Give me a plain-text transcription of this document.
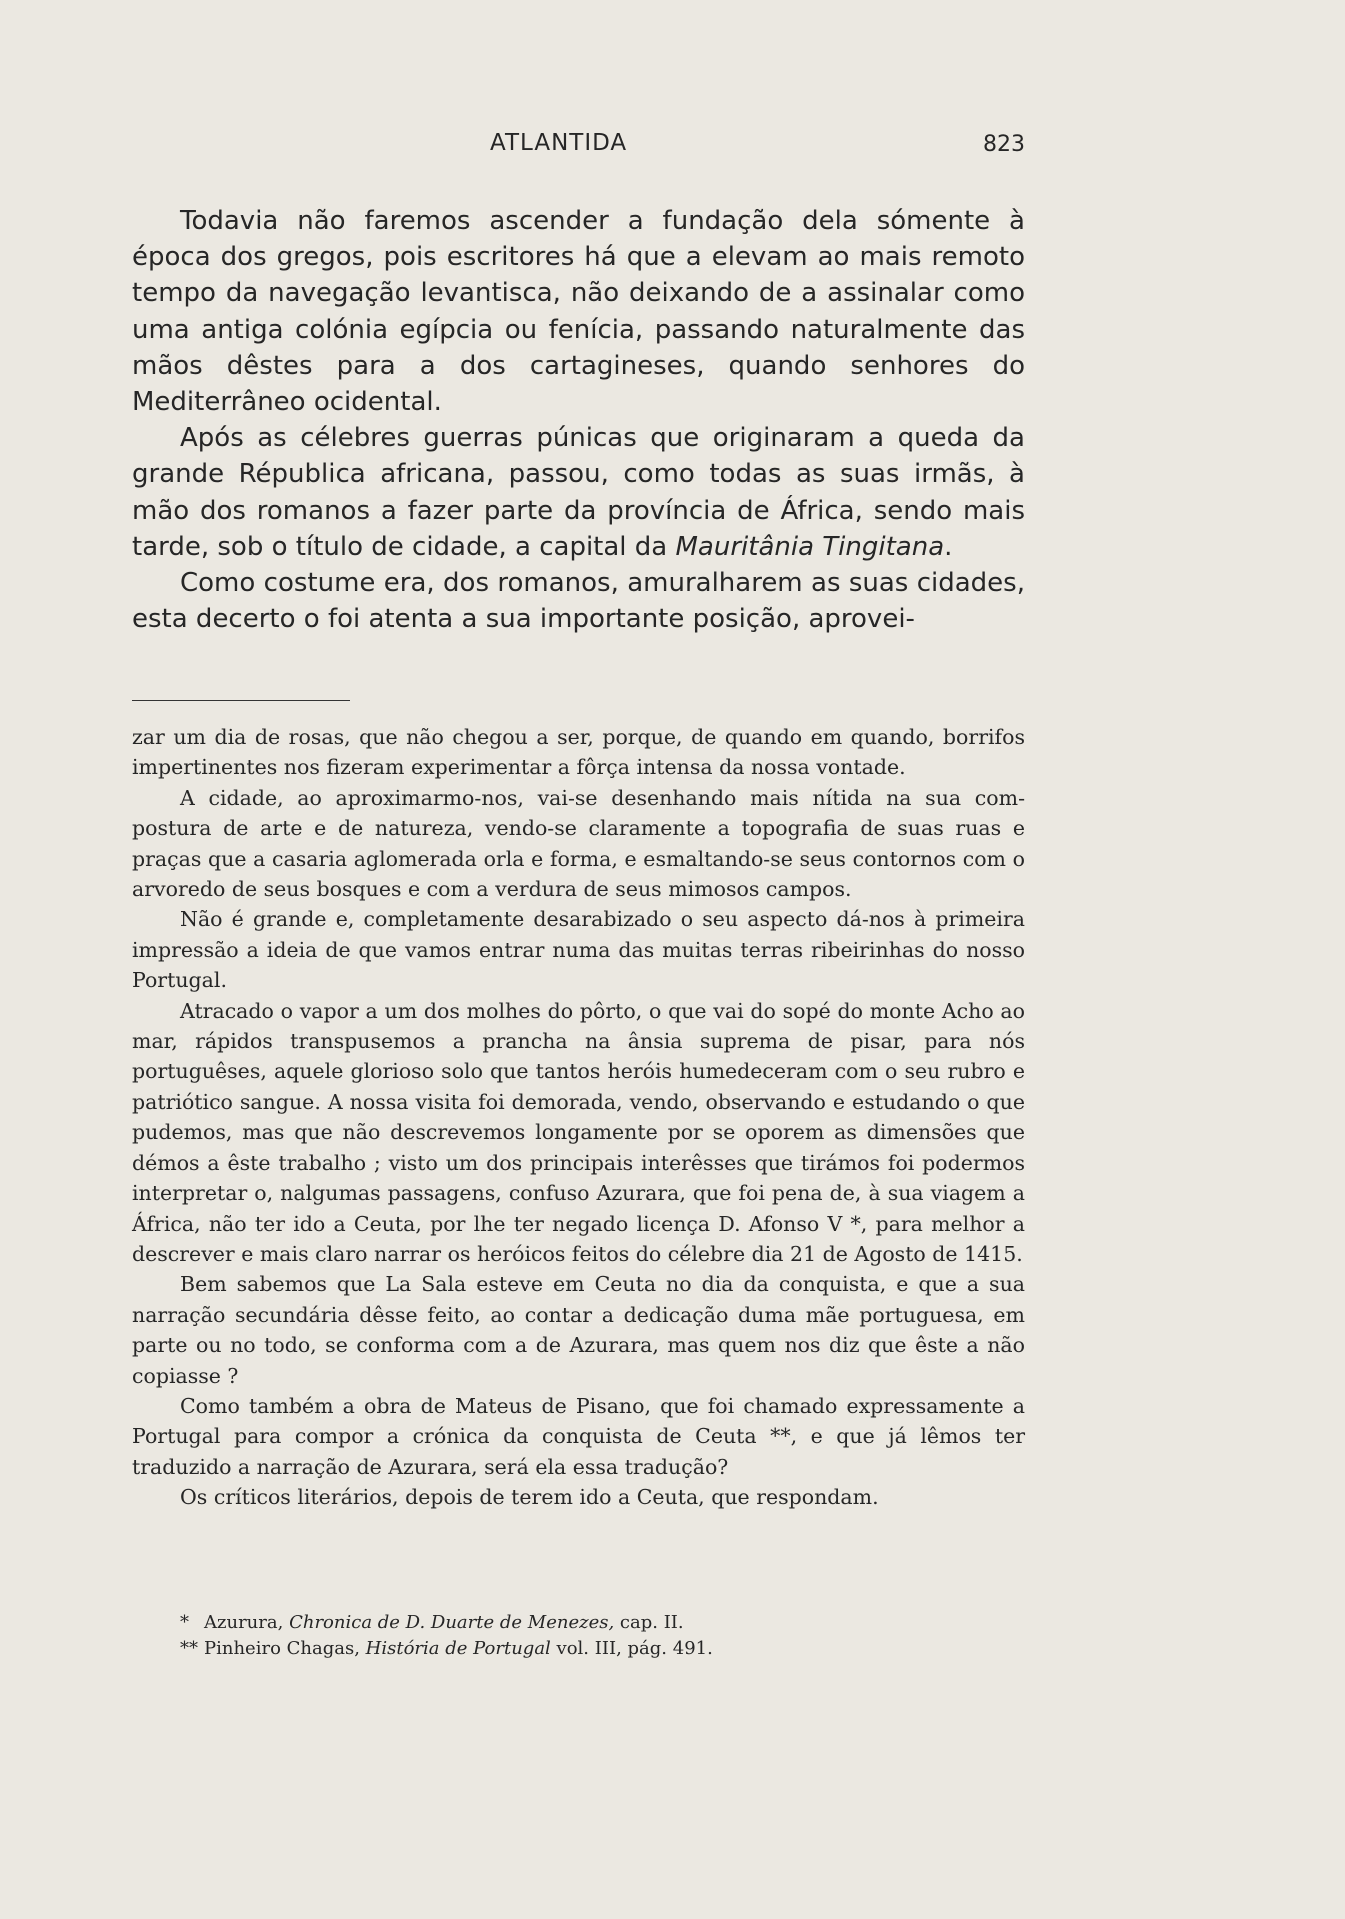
ATLANTIDA	823

Todavia não faremos ascender a fundação dela sómente à época dos gregos, pois escritores há que a elevam ao mais remoto tempo da navegação levantisca, não deixando de a assinalar como uma antiga colónia egípcia ou fenícia, passando naturalmente das mãos dêstes para a dos cartagineses, quando senhores do Mediterrâneo ocidental.

Após as célebres guerras púnicas que originaram a queda da grande Républica africana, passou, como todas as suas irmãs, à mão dos romanos a fazer parte da província de África, sendo mais tarde, sob o título de cidade, a capital da Mauritânia Tingitana.

Como costume era, dos romanos, amuralharem as suas cidades, esta decerto o foi atenta a sua importante posição, aprovei-

zar um dia de rosas, que não chegou a ser, porque, de quando em quando, borrifos impertinentes nos fizeram experimentar a fôrça intensa da nossa vontade.

A cidade, ao aproximarmo-nos, vai-se desenhando mais nítida na sua compostura de arte e de natureza, vendo-se claramente a topografia de suas ruas e praças que a casaria aglomerada orla e forma, e esmaltando-se seus contornos com o arvoredo de seus bosques e com a verdura de seus mimosos campos.

Não é grande e, completamente desarabizado o seu aspecto dá-nos à primeira impressão a ideia de que vamos entrar numa das muitas terras ribeirinhas do nosso Portugal.

Atracado o vapor a um dos molhes do pôrto, o que vai do sopé do monte Acho ao mar, rápidos transpusemos a prancha na ânsia suprema de pisar, para nós portuguêses, aquele glorioso solo que tantos heróis humedeceram com o seu rubro e patriótico sangue. A nossa visita foi demorada, vendo, observando e estudando o que pudemos, mas que não descrevemos longamente por se oporem as dimensões que démos a êste trabalho ; visto um dos principais interêsses que tirámos foi podermos interpretar o, nalgumas passagens, confuso Azurara, que foi pena de, à sua viagem a África, não ter ido a Ceuta, por lhe ter negado licença D. Afonso V *, para melhor a descrever e mais claro narrar os heróicos feitos do célebre dia 21 de Agosto de 1415.

Bem sabemos que La Sala esteve em Ceuta no dia da conquista, e que a sua narração secundária dêsse feito, ao contar a dedicação duma mãe portuguesa, em parte ou no todo, se conforma com a de Azurara, mas quem nos diz que êste a não copiasse ?

Como também a obra de Mateus de Pisano, que foi chamado expressamente a Portugal para compor a crónica da conquista de Ceuta **, e que já lêmos ter traduzido a narração de Azurara, será ela essa tradução?

Os críticos literários, depois de terem ido a Ceuta, que respondam.

* Azurura, Chronica de D. Duarte de Menezes, cap. II.
** Pinheiro Chagas, História de Portugal vol. III, pág. 491.
